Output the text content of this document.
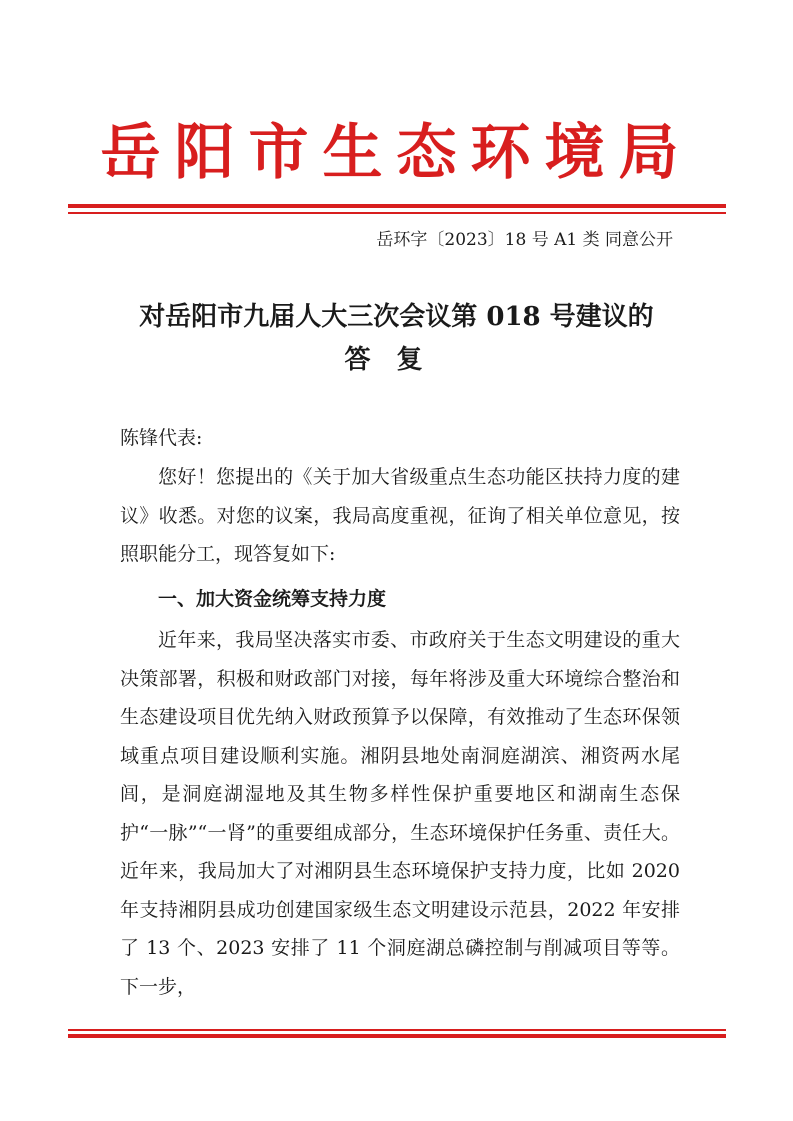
岳阳市生态环境局
岳环字〔2023〕18 号 A1 类 同意公开
对岳阳市九届人大三次会议第 018 号建议的
答复
陈锋代表:

您好！您提出的《关于加大省级重点生态功能区扶持力度的建议》收悉。对您的议案，我局高度重视，征询了相关单位意见，按照职能分工，现答复如下:

一、加大资金统筹支持力度

近年来，我局坚决落实市委、市政府关于生态文明建设的重大决策部署，积极和财政部门对接，每年将涉及重大环境综合整治和生态建设项目优先纳入财政预算予以保障，有效推动了生态环保领域重点项目建设顺利实施。湘阴县地处南洞庭湖滨、湘资两水尾闾，是洞庭湖湿地及其生物多样性保护重要地区和湖南生态保护“一脉”“一肾”的重要组成部分，生态环境保护任务重、责任大。近年来，我局加大了对湘阴县生态环境保护支持力度，比如 2020 年支持湘阴县成功创建国家级生态文明建设示范县，2022 年安排了 13 个、2023 安排了 11 个洞庭湖总磷控制与削减项目等等。下一步，
